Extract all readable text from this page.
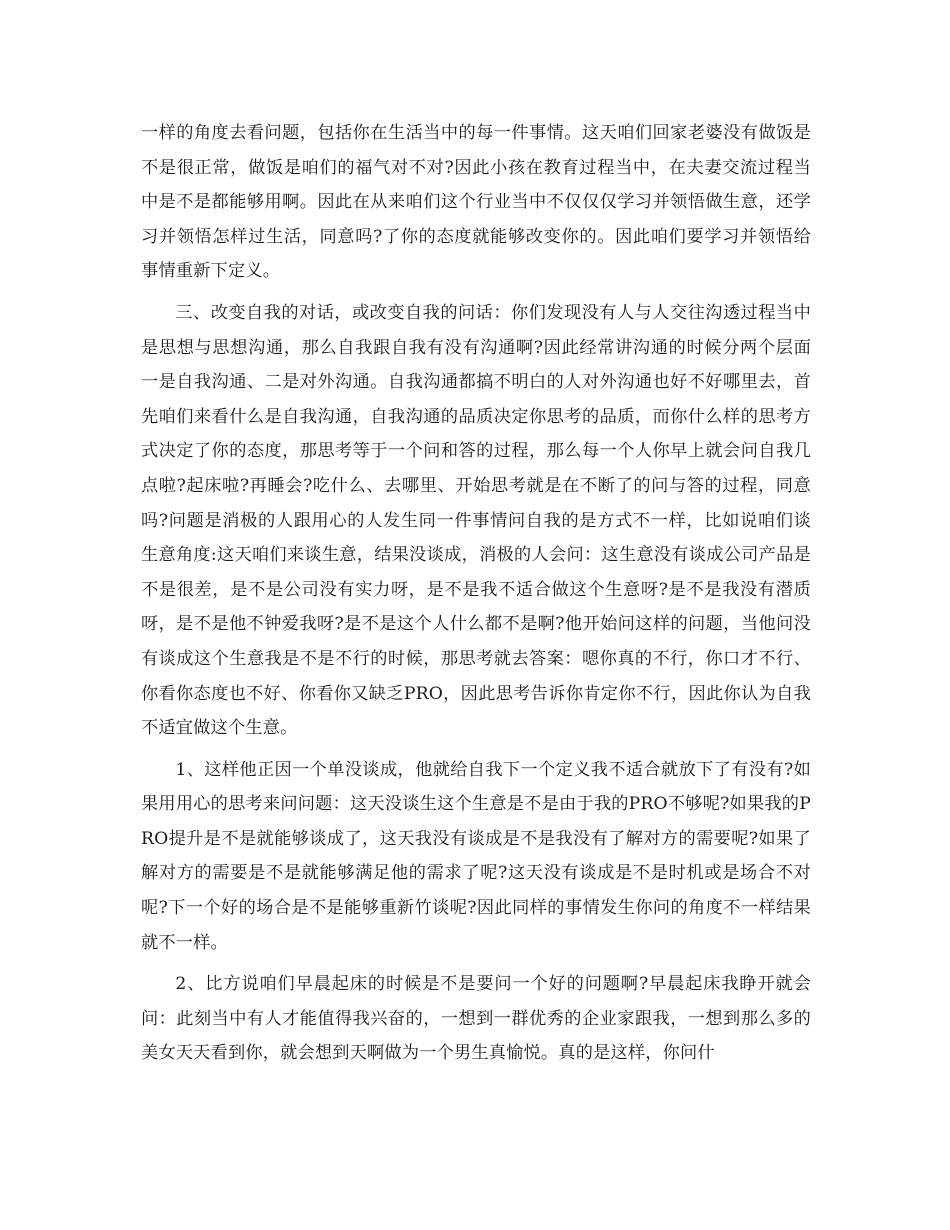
一样的角度去看问题，包括你在生活当中的每一件事情。这天咱们回家老婆没有做饭是不是很正常，做饭是咱们的福气对不对?因此小孩在教育过程当中，在夫妻交流过程当中是不是都能够用啊。因此在从来咱们这个行业当中不仅仅仅学习并领悟做生意，还学习并领悟怎样过生活，同意吗?了你的态度就能够改变你的。因此咱们要学习并领悟给事情重新下定义。

三、改变自我的对话，或改变自我的问话：你们发现没有人与人交往沟透过程当中是思想与思想沟通，那么自我跟自我有没有沟通啊?因此经常讲沟通的时候分两个层面一是自我沟通、二是对外沟通。自我沟通都搞不明白的人对外沟通也好不好哪里去，首先咱们来看什么是自我沟通，自我沟通的品质决定你思考的品质，而你什么样的思考方式决定了你的态度，那思考等于一个问和答的过程，那么每一个人你早上就会问自我几点啦?起床啦?再睡会?吃什么、去哪里、开始思考就是在不断了的问与答的过程，同意吗?问题是消极的人跟用心的人发生同一件事情问自我的是方式不一样，比如说咱们谈生意角度:这天咱们来谈生意，结果没谈成，消极的人会问：这生意没有谈成公司产品是不是很差，是不是公司没有实力呀，是不是我不适合做这个生意呀?是不是我没有潜质呀，是不是他不钟爱我呀?是不是这个人什么都不是啊?他开始问这样的问题，当他问没有谈成这个生意我是不是不行的时候，那思考就去答案：嗯你真的不行，你口才不行、你看你态度也不好、你看你又缺乏PRO，因此思考告诉你肯定你不行，因此你认为自我不适宜做这个生意。

1、这样他正因一个单没谈成，他就给自我下一个定义我不适合就放下了有没有?如果用用心的思考来问问题：这天没谈生这个生意是不是由于我的PRO不够呢?如果我的PRO提升是不是就能够谈成了，这天我没有谈成是不是我没有了解对方的需要呢?如果了解对方的需要是不是就能够满足他的需求了呢?这天没有谈成是不是时机或是场合不对呢?下一个好的场合是不是能够重新竹谈呢?因此同样的事情发生你问的角度不一样结果就不一样。

2、比方说咱们早晨起床的时候是不是要问一个好的问题啊?早晨起床我睁开就会问：此刻当中有人才能值得我兴奋的，一想到一群优秀的企业家跟我，一想到那么多的美女天天看到你，就会想到天啊做为一个男生真愉悦。真的是这样，你问什
